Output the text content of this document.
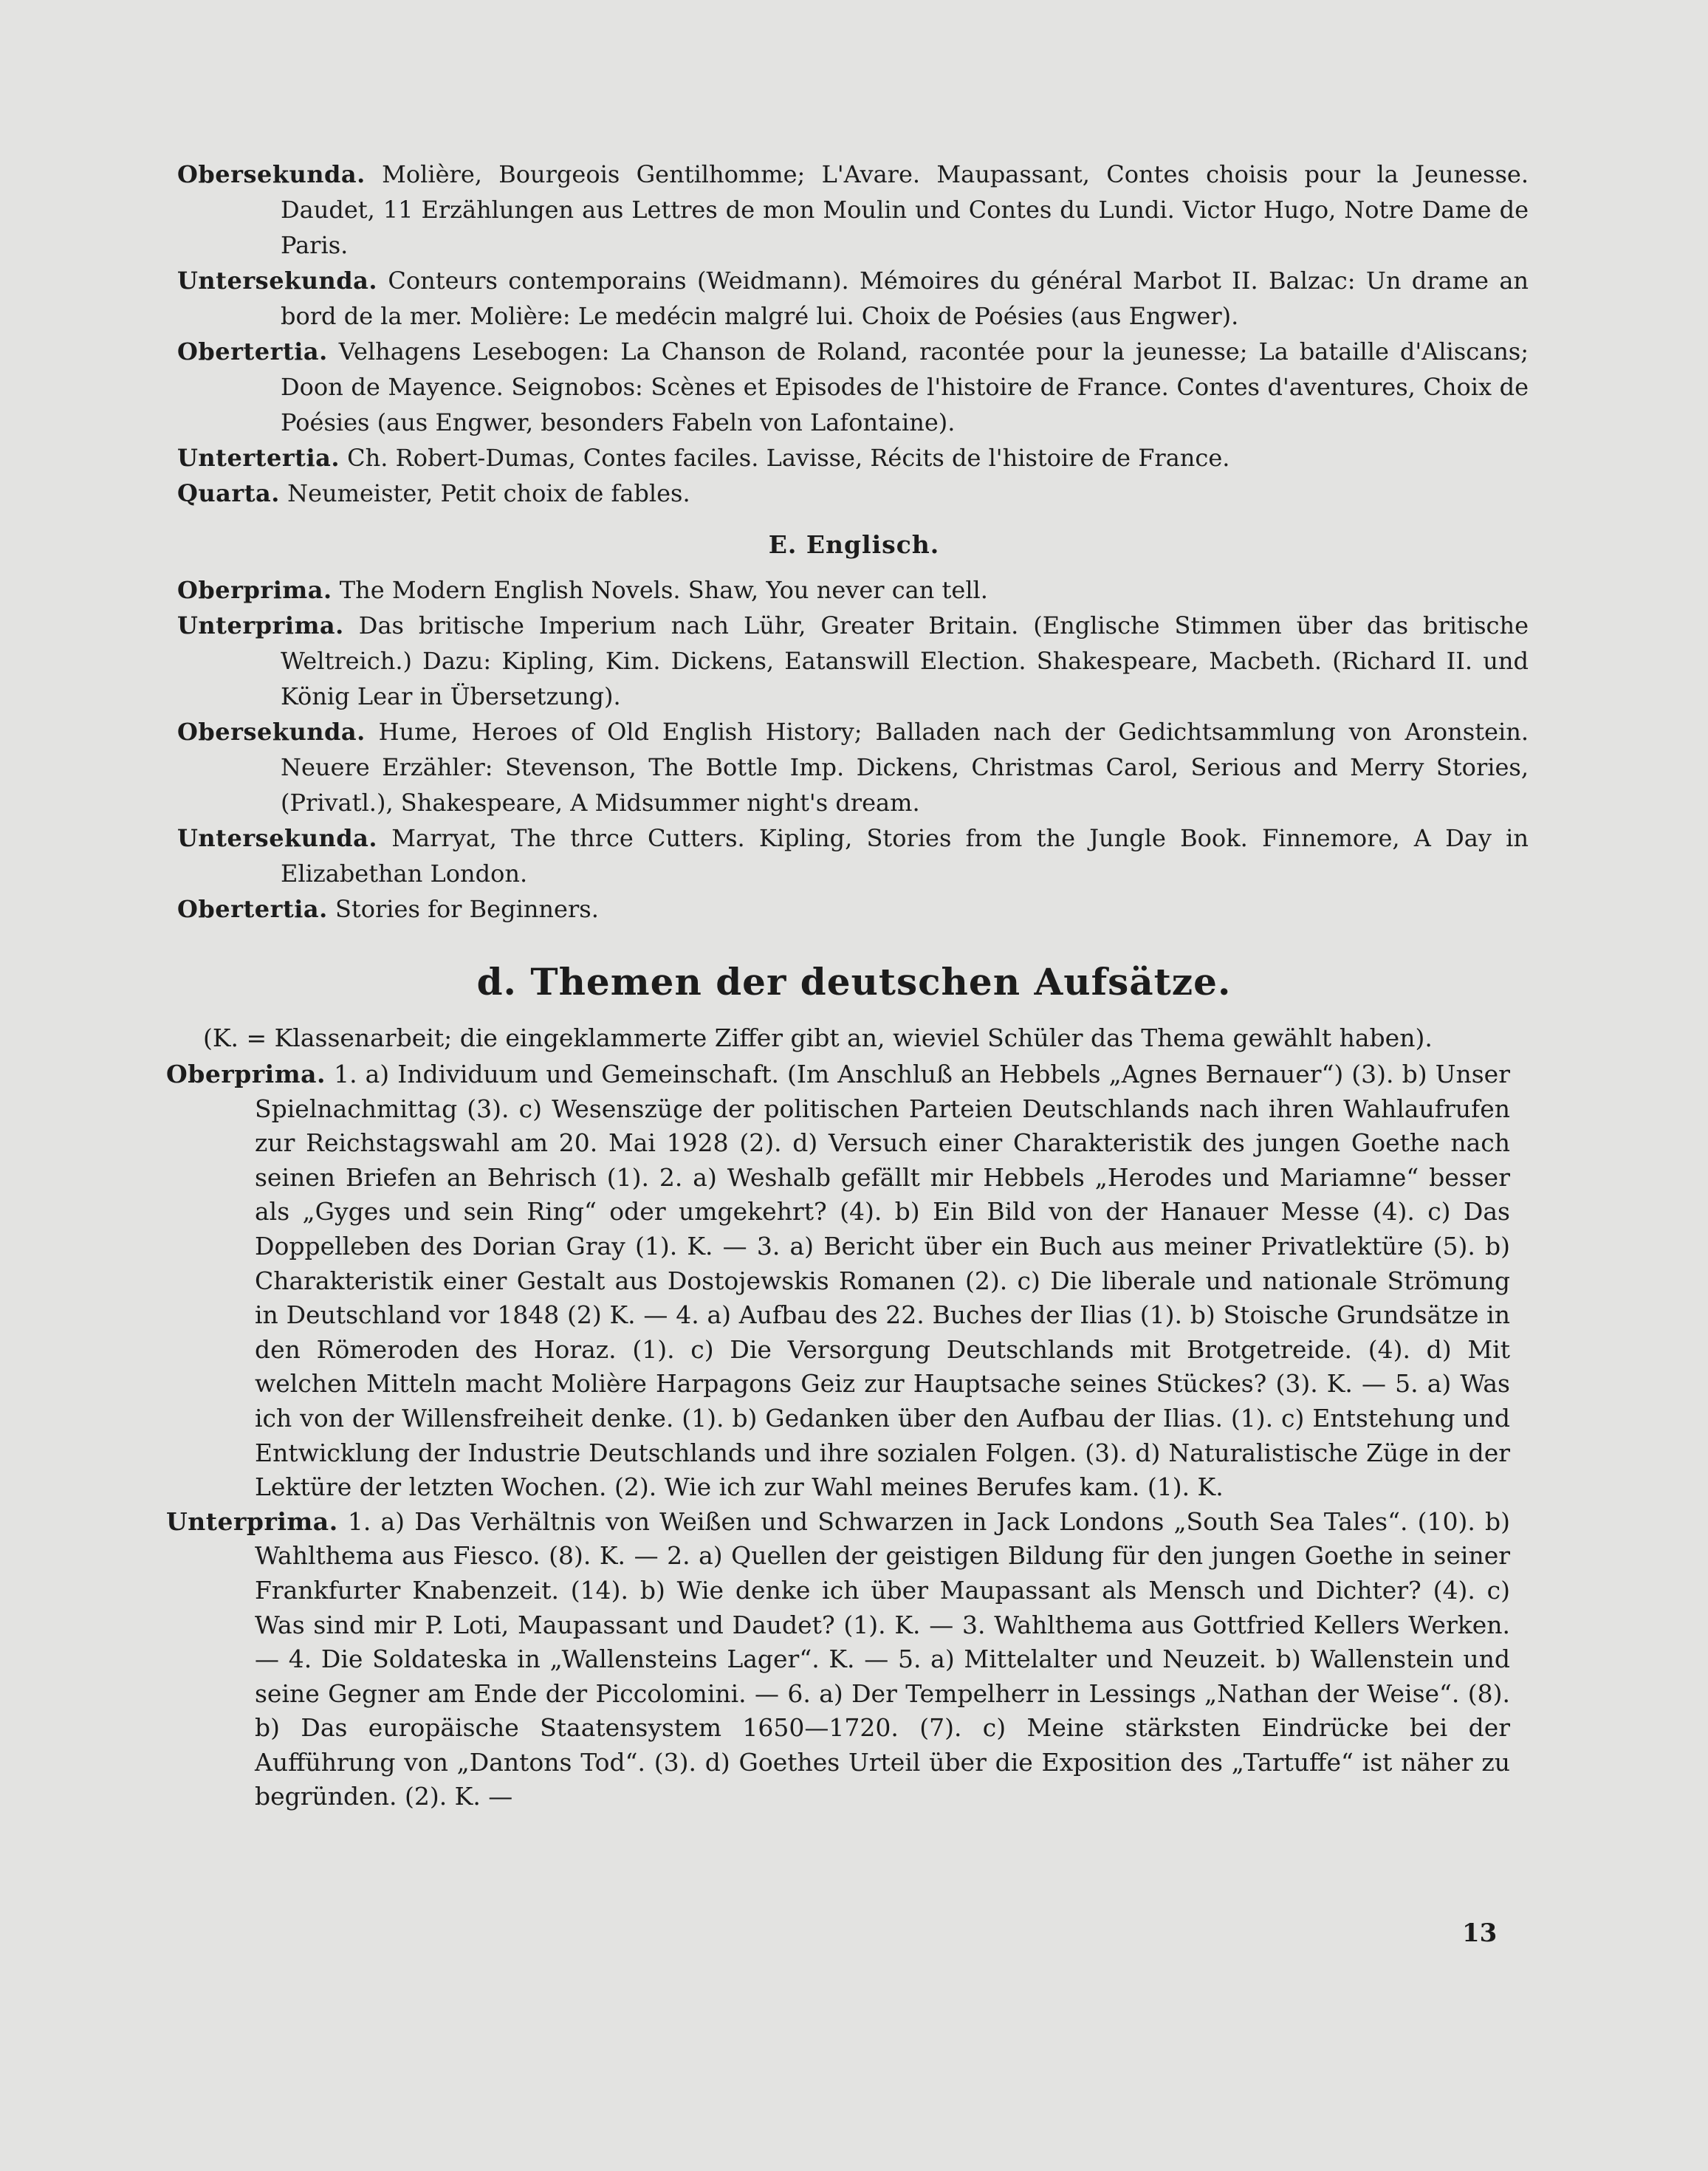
Obersekunda. Molière, Bourgeois Gentilhomme; L'Avare. Maupassant, Contes choisis pour la Jeunesse. Daudet, 11 Erzählungen aus Lettres de mon Moulin und Contes du Lundi. Victor Hugo, Notre Dame de Paris.

Untersekunda. Conteurs contemporains (Weidmann). Mémoires du général Marbot II. Balzac: Un drame an bord de la mer. Molière: Le medécin malgré lui. Choix de Poésies (aus Engwer).

Obertertia. Velhagens Lesebogen: La Chanson de Roland, racontée pour la jeunesse; La bataille d'Aliscans; Doon de Mayence. Seignobos: Scènes et Episodes de l'histoire de France. Contes d'aventures, Choix de Poésies (aus Engwer, besonders Fabeln von Lafontaine).

Untertertia. Ch. Robert-Dumas, Contes faciles. Lavisse, Récits de l'histoire de France.

Quarta. Neumeister, Petit choix de fables.

E. Englisch.

Oberprima. The Modern English Novels. Shaw, You never can tell.

Unterprima. Das britische Imperium nach Lühr, Greater Britain. (Englische Stimmen über das britische Weltreich.) Dazu: Kipling, Kim. Dickens, Eatanswill Election. Shakespeare, Macbeth. (Richard II. und König Lear in Übersetzung).

Obersekunda. Hume, Heroes of Old English History; Balladen nach der Gedichtsammlung von Aronstein. Neuere Erzähler: Stevenson, The Bottle Imp. Dickens, Christmas Carol, Serious and Merry Stories, (Privatl.), Shakespeare, A Midsummer night's dream.

Untersekunda. Marryat, The thrce Cutters. Kipling, Stories from the Jungle Book. Finnemore, A Day in Elizabethan London.

Obertertia. Stories for Beginners.

d. Themen der deutschen Aufsätze.
(K. = Klassenarbeit; die eingeklammerte Ziffer gibt an, wieviel Schüler das Thema gewählt haben).

Oberprima. 1. a) Individuum und Gemeinschaft. (Im Anschluß an Hebbels „Agnes Bernauer“) (3). b) Unser Spielnachmittag (3). c) Wesenszüge der politischen Parteien Deutschlands nach ihren Wahlaufrufen zur Reichstagswahl am 20. Mai 1928 (2). d) Versuch einer Charakteristik des jungen Goethe nach seinen Briefen an Behrisch (1). 2. a) Weshalb gefällt mir Hebbels „Herodes und Mariamne“ besser als „Gyges und sein Ring“ oder umgekehrt? (4). b) Ein Bild von der Hanauer Messe (4). c) Das Doppelleben des Dorian Gray (1). K. — 3. a) Bericht über ein Buch aus meiner Privatlektüre (5). b) Charakteristik einer Gestalt aus Dostojewskis Romanen (2). c) Die liberale und nationale Strömung in Deutschland vor 1848 (2) K. — 4. a) Aufbau des 22. Buches der Ilias (1). b) Stoische Grundsätze in den Römeroden des Horaz. (1). c) Die Versorgung Deutschlands mit Brotgetreide. (4). d) Mit welchen Mitteln macht Molière Harpagons Geiz zur Hauptsache seines Stückes? (3). K. — 5. a) Was ich von der Willensfreiheit denke. (1). b) Gedanken über den Aufbau der Ilias. (1). c) Entstehung und Entwicklung der Industrie Deutschlands und ihre sozialen Folgen. (3). d) Naturalistische Züge in der Lektüre der letzten Wochen. (2). Wie ich zur Wahl meines Berufes kam. (1). K.

Unterprima. 1. a) Das Verhältnis von Weißen und Schwarzen in Jack Londons „South Sea Tales“. (10). b) Wahlthema aus Fiesco. (8). K. — 2. a) Quellen der geistigen Bildung für den jungen Goethe in seiner Frankfurter Knabenzeit. (14). b) Wie denke ich über Maupassant als Mensch und Dichter? (4). c) Was sind mir P. Loti, Maupassant und Daudet? (1). K. — 3. Wahlthema aus Gottfried Kellers Werken. — 4. Die Soldateska in „Wallensteins Lager“. K. — 5. a) Mittelalter und Neuzeit. b) Wallenstein und seine Gegner am Ende der Piccolomini. — 6. a) Der Tempelherr in Lessings „Nathan der Weise“. (8). b) Das europäische Staatensystem 1650—1720. (7). c) Meine stärksten Eindrücke bei der Aufführung von „Dantons Tod“. (3). d) Goethes Urteil über die Exposition des „Tartuffe“ ist näher zu begründen. (2). K. —

13
